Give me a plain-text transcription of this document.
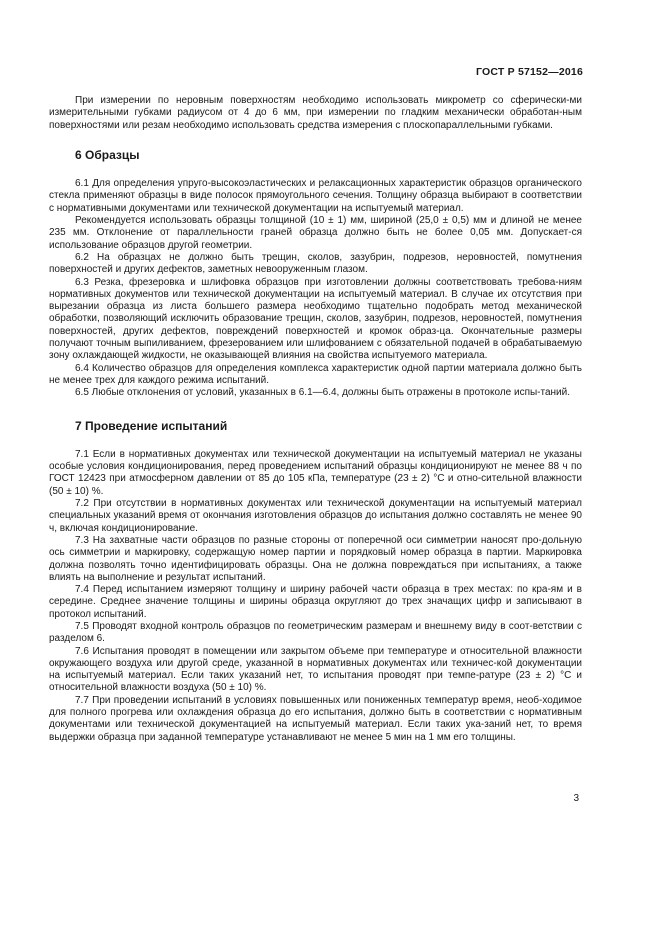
ГОСТ Р 57152—2016

При измерении по неровным поверхностям необходимо использовать микрометр со сферически-ми измерительными губками радиусом от 4 до 6 мм, при измерении по гладким механически обработан-ным поверхностями или резам необходимо использовать средства измерения с плоскопараллельными губками.

6 Образцы

6.1 Для определения упруго-высокоэластических и релаксационных характеристик образцов органического стекла применяют образцы в виде полосок прямоугольного сечения. Толщину образца выбирают в соответствии с нормативными документами или технической документации на испытуемый материал.

Рекомендуется использовать образцы толщиной (10 ± 1) мм, шириной (25,0 ± 0,5) мм и длиной не менее 235 мм. Отклонение от параллельности граней образца должно быть не более 0,05 мм. Допускает-ся использование образцов другой геометрии.

6.2 На образцах не должно быть трещин, сколов, зазубрин, подрезов, неровностей, помутнения поверхностей и других дефектов, заметных невооруженным глазом.

6.3 Резка, фрезеровка и шлифовка образцов при изготовлении должны соответствовать требова-ниям нормативных документов или технической документации на испытуемый материал. В случае их отсутствия при вырезании образца из листа большего размера необходимо тщательно подобрать метод механической обработки, позволяющий исключить образование трещин, сколов, зазубрин, подрезов, неровностей, помутнения поверхностей, других дефектов, повреждений поверхностей и кромок образ-ца. Окончательные размеры получают точным выпиливанием, фрезерованием или шлифованием с обязательной подачей в обрабатываемую зону охлаждающей жидкости, не оказывающей влияния на свойства испытуемого материала.

6.4 Количество образцов для определения комплекса характеристик одной партии материала должно быть не менее трех для каждого режима испытаний.

6.5 Любые отклонения от условий, указанных в 6.1—6.4, должны быть отражены в протоколе испы-таний.

7 Проведение испытаний

7.1 Если в нормативных документах или технической документации на испытуемый материал не указаны особые условия кондиционирования, перед проведением испытаний образцы кондиционируют не менее 88 ч по ГОСТ 12423 при атмосферном давлении от 85 до 105 кПа, температуре (23 ± 2) °С и отно-сительной влажности (50 ± 10) %.

7.2 При отсутствии в нормативных документах или технической документации на испытуемый материал специальных указаний время от окончания изготовления образцов до испытания должно составлять не менее 90 ч, включая кондиционирование.

7.3 На захватные части образцов по разные стороны от поперечной оси симметрии наносят про-дольную ось симметрии и маркировку, содержащую номер партии и порядковый номер образца в партии. Маркировка должна позволять точно идентифицировать образцы. Она не должна повреждаться при испытаниях, а также влиять на выполнение и результат испытаний.

7.4 Перед испытанием измеряют толщину и ширину рабочей части образца в трех местах: по кра-ям и в середине. Среднее значение толщины и ширины образца округляют до трех значащих цифр и записывают в протокол испытаний.

7.5 Проводят входной контроль образцов по геометрическим размерам и внешнему виду в соот-ветствии с разделом 6.

7.6 Испытания проводят в помещении или закрытом объеме при температуре и относительной влажности окружающего воздуха или другой среде, указанной в нормативных документах или техничес-кой документации на испытуемый материал. Если таких указаний нет, то испытания проводят при темпе-ратуре (23 ± 2) °С и относительной влажности воздуха (50 ± 10) %.

7.7 При проведении испытаний в условиях повышенных или пониженных температур время, необ-ходимое для полного прогрева или охлаждения образца до его испытания, должно быть в соответствии с нормативным документами или технической документацией на испытуемый материал. Если таких ука-заний нет, то время выдержки образца при заданной температуре устанавливают не менее 5 мин на 1 мм его толщины.

3
